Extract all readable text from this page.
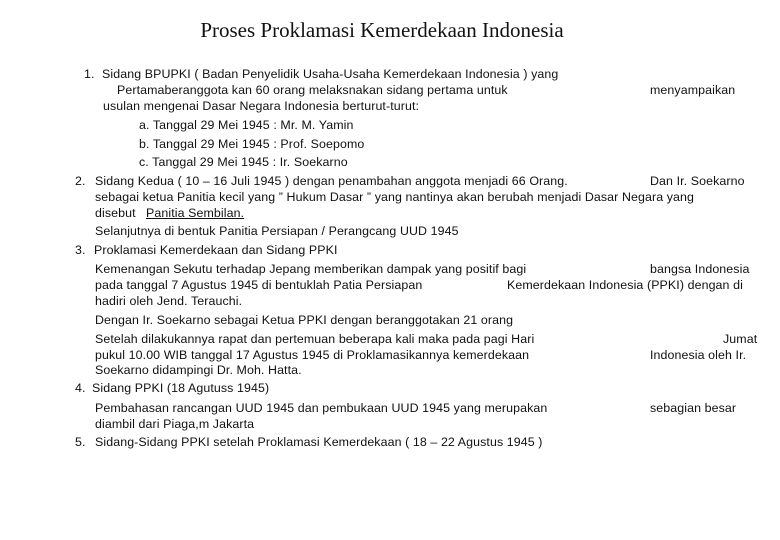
Proses Proklamasi Kemerdekaan Indonesia
1. Sidang BPUPKI ( Badan Penyelidik Usaha-Usaha Kemerdekaan Indonesia ) yang
Pertamaberanggota kan 60 orang melaksnakan sidang pertama untuk	menyampaikan
usulan mengenai Dasar Negara Indonesia berturut-turut:
a. Tanggal 29 Mei 1945 : Mr. M. Yamin
b. Tanggal 29 Mei 1945 : Prof. Soepomo
c. Tanggal 29 Mei 1945 : Ir. Soekarno
2. Sidang Kedua ( 10 – 16 Juli 1945 ) dengan penambahan anggota menjadi 66 Orang.	Dan Ir. Soekarno
sebagai ketua Panitia kecil yang ” Hukum Dasar ” yang nantinya akan berubah menjadi Dasar Negara yang
disebut Panitia Sembilan.
Selanjutnya di bentuk Panitia Persiapan / Perangcang UUD 1945
3. Proklamasi Kemerdekaan dan Sidang PPKI
Kemenangan Sekutu terhadap Jepang memberikan dampak yang positif bagi	bangsa Indonesia
pada tanggal 7 Agustus 1945 di bentuklah Patia Persiapan	Kemerdekaan Indonesia (PPKI) dengan di
hadiri oleh Jend. Terauchi.
Dengan Ir. Soekarno sebagai Ketua PPKI dengan beranggotakan 21 orang
Setelah dilakukannya rapat dan pertemuan beberapa kali maka pada pagi Hari	Jumat
pukul 10.00 WIB tanggal 17 Agustus 1945 di Proklamasikannya kemerdekaan	Indonesia oleh Ir.
Soekarno didampingi Dr. Moh. Hatta.
4. Sidang PPKI (18 Agutuss 1945)
Pembahasan rancangan UUD 1945 dan pembukaan UUD 1945 yang merupakan	sebagian besar
diambil dari Piaga,m Jakarta
5. Sidang-Sidang PPKI setelah Proklamasi Kemerdekaan ( 18 – 22 Agustus 1945 )
